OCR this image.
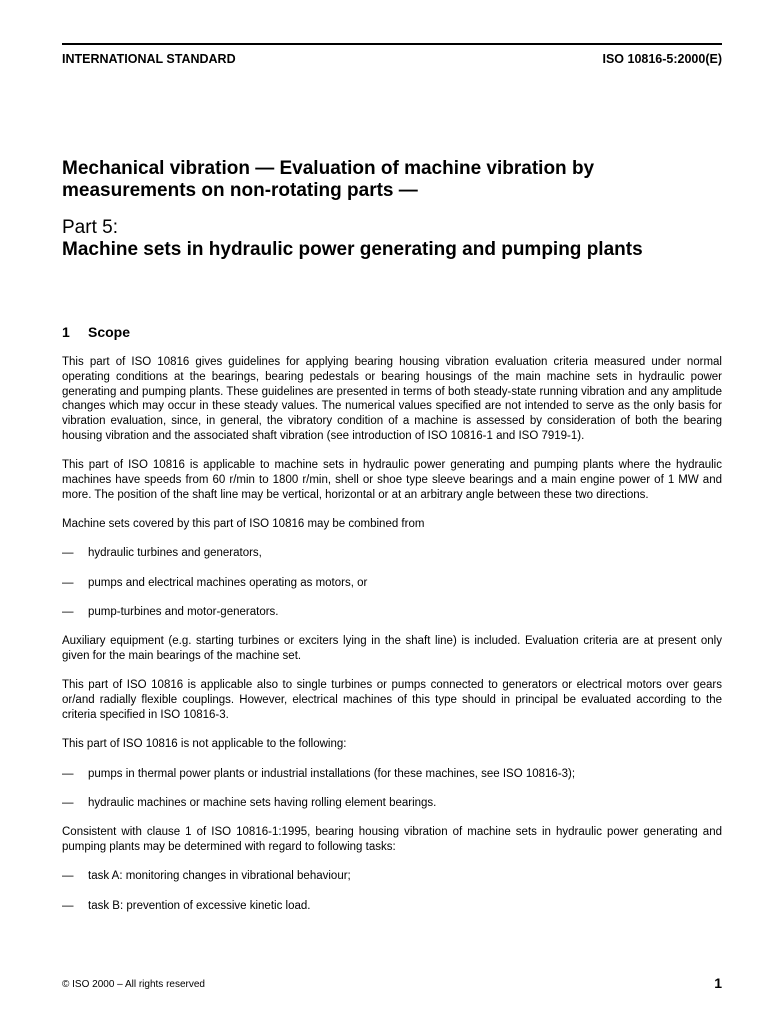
INTERNATIONAL STANDARD	ISO 10816-5:2000(E)
Mechanical vibration — Evaluation of machine vibration by measurements on non-rotating parts —
Part 5:
Machine sets in hydraulic power generating and pumping plants
1 Scope

This part of ISO 10816 gives guidelines for applying bearing housing vibration evaluation criteria measured under normal operating conditions at the bearings, bearing pedestals or bearing housings of the main machine sets in hydraulic power generating and pumping plants. These guidelines are presented in terms of both steady-state running vibration and any amplitude changes which may occur in these steady values. The numerical values specified are not intended to serve as the only basis for vibration evaluation, since, in general, the vibratory condition of a machine is assessed by consideration of both the bearing housing vibration and the associated shaft vibration (see introduction of ISO 10816-1 and ISO 7919-1).

This part of ISO 10816 is applicable to machine sets in hydraulic power generating and pumping plants where the hydraulic machines have speeds from 60 r/min to 1800 r/min, shell or shoe type sleeve bearings and a main engine power of 1 MW and more. The position of the shaft line may be vertical, horizontal or at an arbitrary angle between these two directions.

Machine sets covered by this part of ISO 10816 may be combined from

—	hydraulic turbines and generators,
—	pumps and electrical machines operating as motors, or
—	pump-turbines and motor-generators.

Auxiliary equipment (e.g. starting turbines or exciters lying in the shaft line) is included. Evaluation criteria are at present only given for the main bearings of the machine set.

This part of ISO 10816 is applicable also to single turbines or pumps connected to generators or electrical motors over gears or/and radially flexible couplings. However, electrical machines of this type should in principal be evaluated according to the criteria specified in ISO 10816-3.

This part of ISO 10816 is not applicable to the following:

—	pumps in thermal power plants or industrial installations (for these machines, see ISO 10816-3);
—	hydraulic machines or machine sets having rolling element bearings.

Consistent with clause 1 of ISO 10816-1:1995, bearing housing vibration of machine sets in hydraulic power generating and pumping plants may be determined with regard to following tasks:

—	task A: monitoring changes in vibrational behaviour;
—	task B: prevention of excessive kinetic load.
© ISO 2000 – All rights reserved	1
